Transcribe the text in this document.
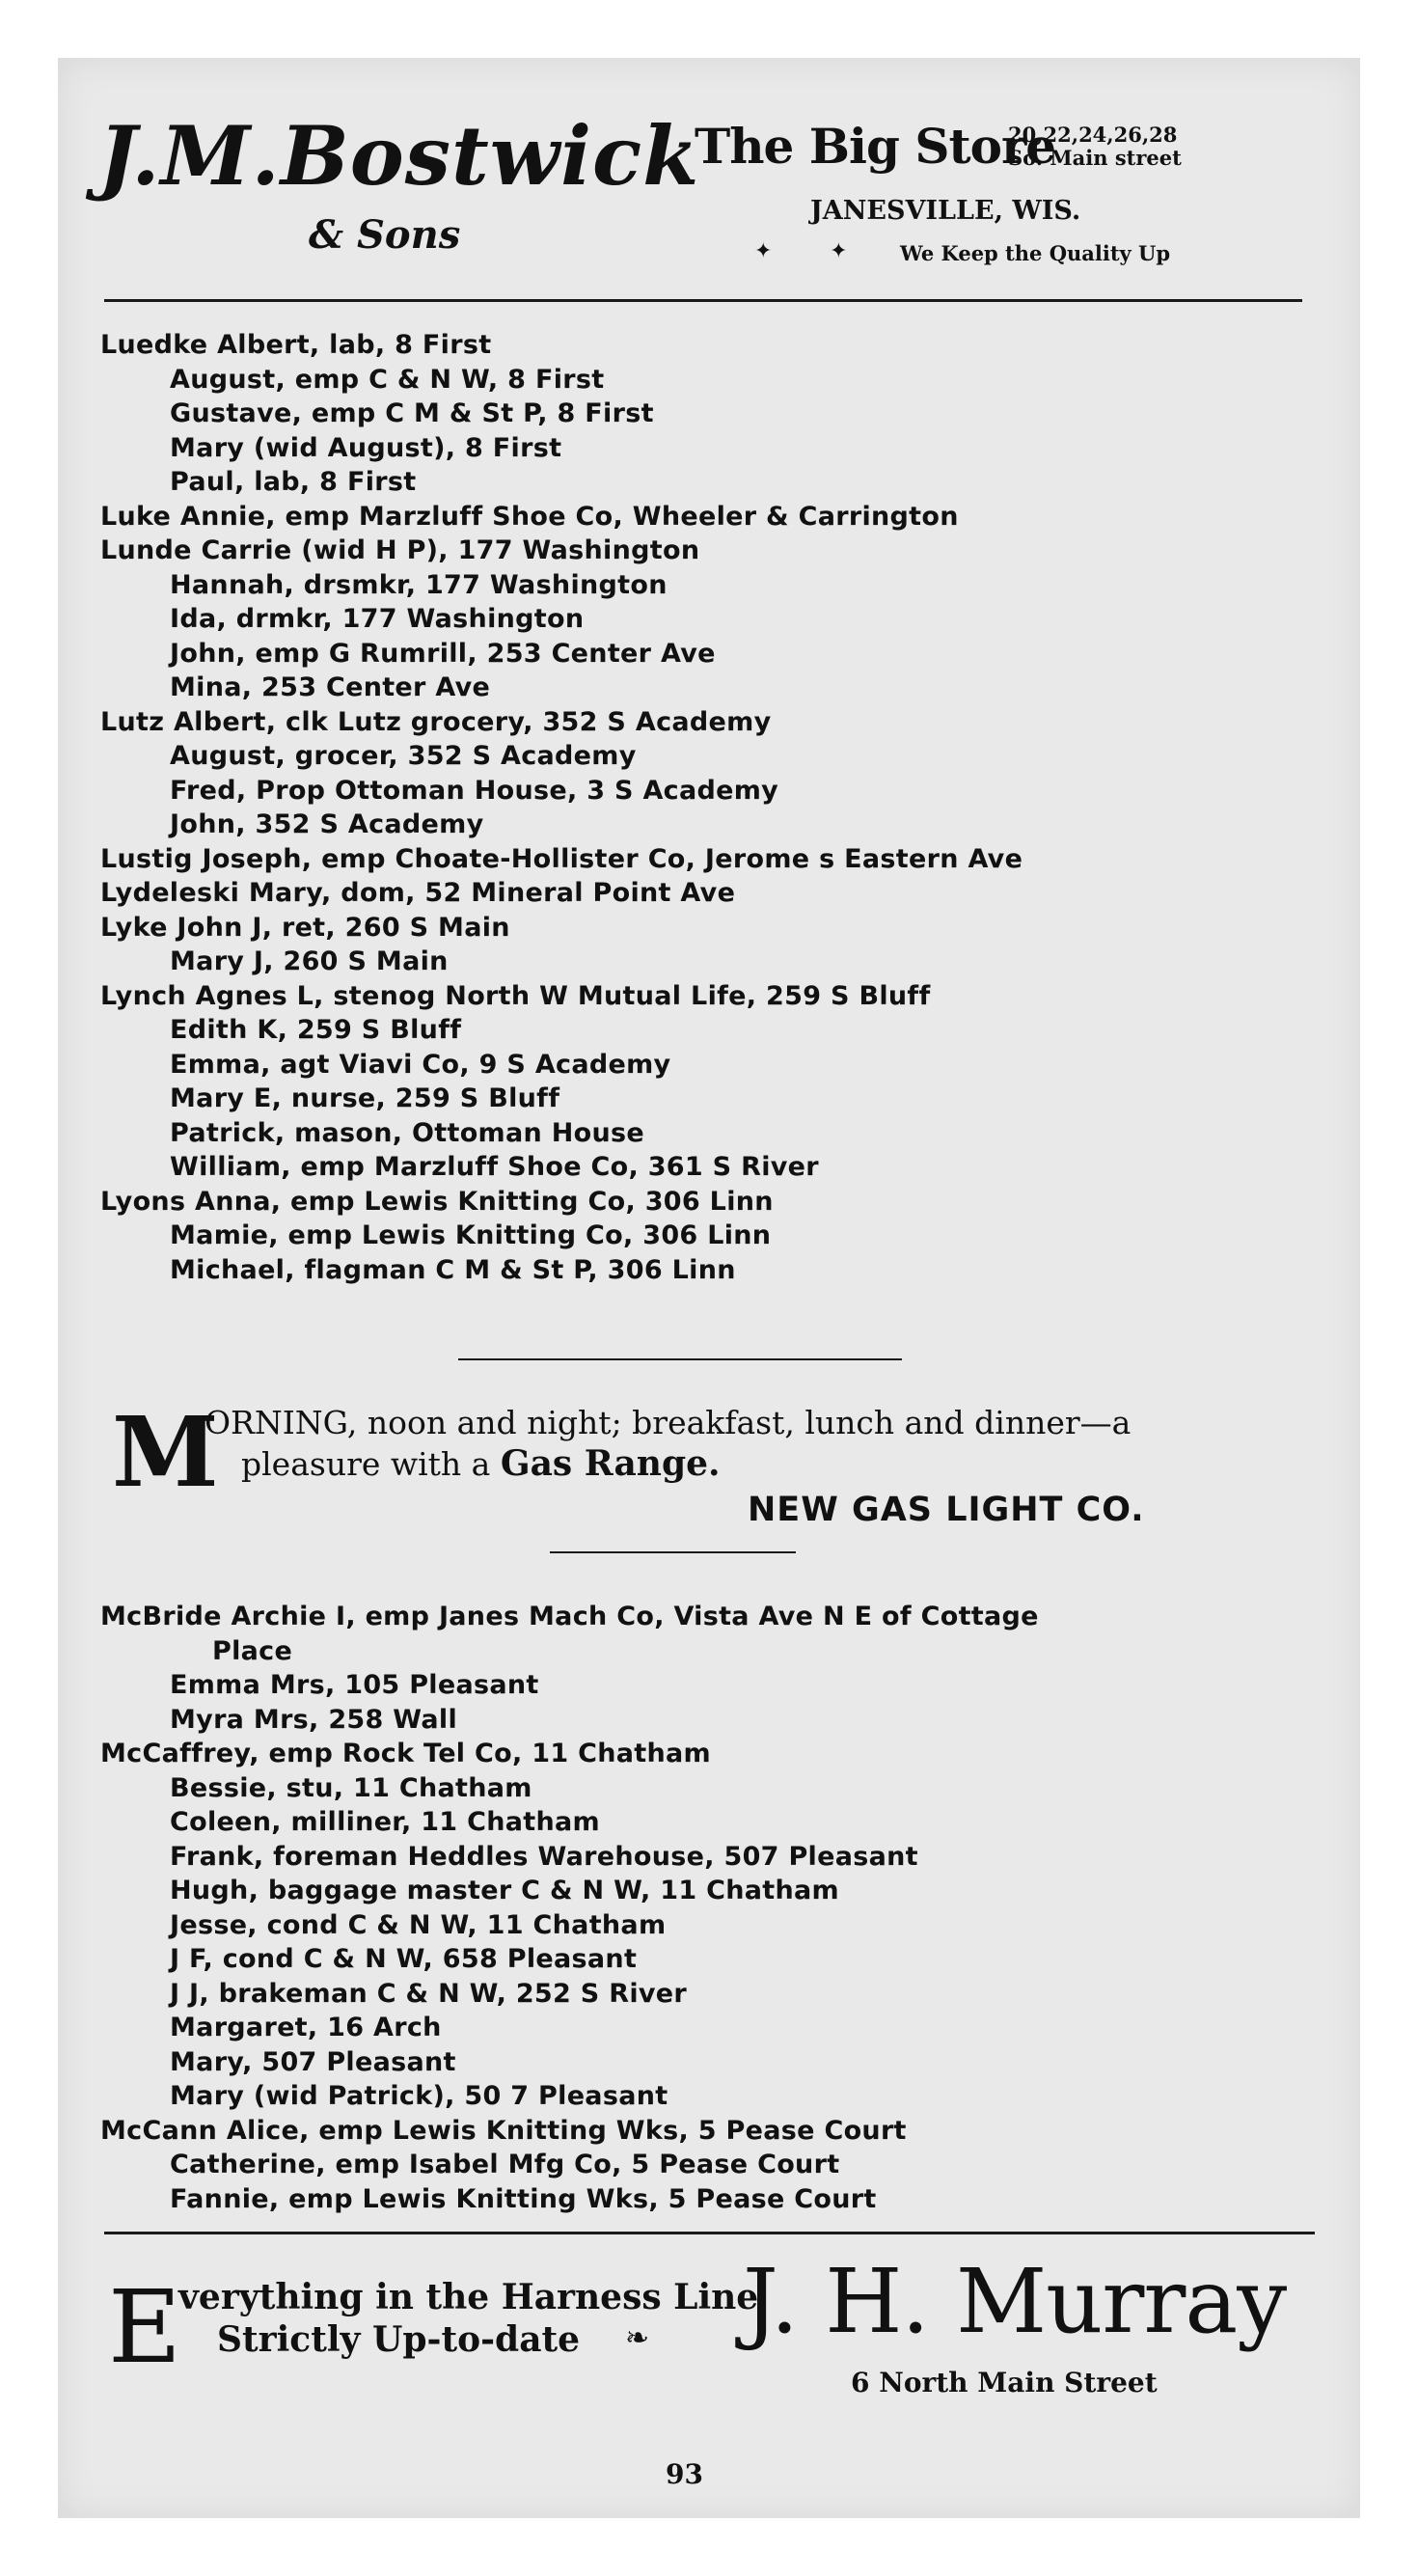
J.M.Bostwick
& Sons
The Big Store
20,22,24,26,28
So. Main street
JANESVILLE, WIS.
✦ ✦ We Keep the Quality Up
Luedke Albert, lab, 8 First
August, emp C & N W, 8 First
Gustave, emp C M & St P, 8 First
Mary (wid August), 8 First
Paul, lab, 8 First
Luke Annie, emp Marzluff Shoe Co, Wheeler & Carrington
Lunde Carrie (wid H P), 177 Washington
Hannah, drsmkr, 177 Washington
Ida, drmkr, 177 Washington
John, emp G Rumrill, 253 Center Ave
Mina, 253 Center Ave
Lutz Albert, clk Lutz grocery, 352 S Academy
August, grocer, 352 S Academy
Fred, Prop Ottoman House, 3 S Academy
John, 352 S Academy
Lustig Joseph, emp Choate-Hollister Co, Jerome s Eastern Ave
Lydeleski Mary, dom, 52 Mineral Point Ave
Lyke John J, ret, 260 S Main
Mary J, 260 S Main
Lynch Agnes L, stenog North W Mutual Life, 259 S Bluff
Edith K, 259 S Bluff
Emma, agt Viavi Co, 9 S Academy
Mary E, nurse, 259 S Bluff
Patrick, mason, Ottoman House
William, emp Marzluff Shoe Co, 361 S River
Lyons Anna, emp Lewis Knitting Co, 306 Linn
Mamie, emp Lewis Knitting Co, 306 Linn
Michael, flagman C M & St P, 306 Linn
M
ORNING, noon and night; breakfast, lunch and dinner—a
pleasure with a Gas Range.
NEW GAS LIGHT CO.
McBride Archie I, emp Janes Mach Co, Vista Ave N E of Cottage
Place
Emma Mrs, 105 Pleasant
Myra Mrs, 258 Wall
McCaffrey, emp Rock Tel Co, 11 Chatham
Bessie, stu, 11 Chatham
Coleen, milliner, 11 Chatham
Frank, foreman Heddles Warehouse, 507 Pleasant
Hugh, baggage master C & N W, 11 Chatham
Jesse, cond C & N W, 11 Chatham
J F, cond C & N W, 658 Pleasant
J J, brakeman C & N W, 252 S River
Margaret, 16 Arch
Mary, 507 Pleasant
Mary (wid Patrick), 50 7 Pleasant
McCann Alice, emp Lewis Knitting Wks, 5 Pease Court
Catherine, emp Isabel Mfg Co, 5 Pease Court
Fannie, emp Lewis Knitting Wks, 5 Pease Court
E
verything in the Harness Line
Strictly Up-to-date ❧ J. H. Murray
6 North Main Street
93
